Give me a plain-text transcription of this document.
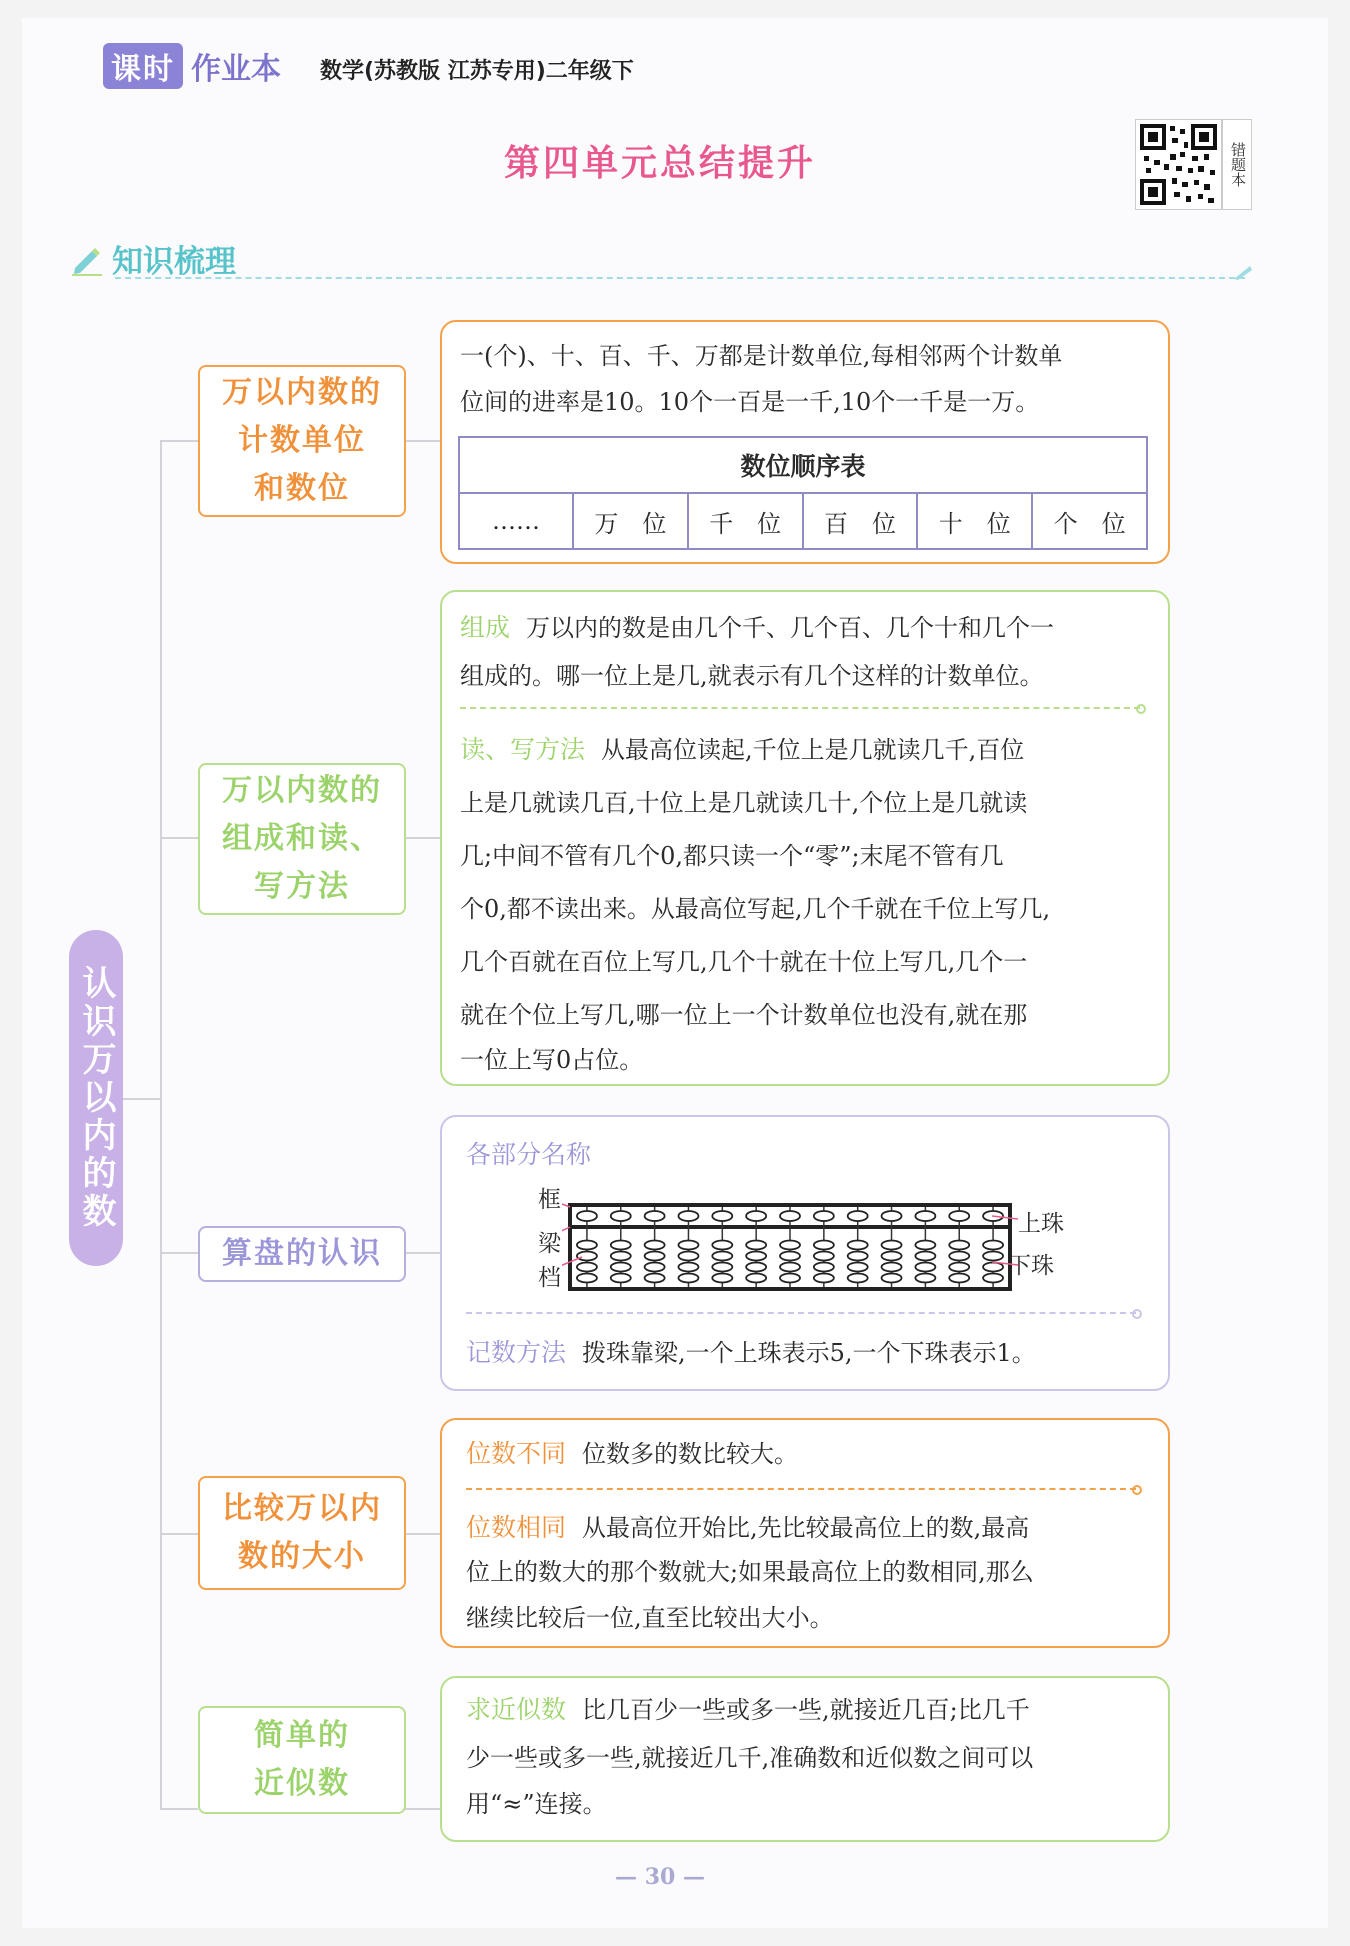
课时 作业本 数学(苏教版 江苏专用)二年级下
第四单元总结提升	错题本
知识梳理
认识万以内的数
万以内数的
计数单位
和数位
一(个)、十、百、千、万都是计数单位,每相邻两个计数单
位间的进率是10。10个一百是一千,10个一千是一万。
数位顺序表
……	万　位	千　位	百　位	十　位	个　位
万以内数的
组成和读、
写方法
组成 万以内的数是由几个千、几个百、几个十和几个一
组成的。哪一位上是几,就表示有几个这样的计数单位。
读、写方法 从最高位读起,千位上是几就读几千,百位
上是几就读几百,十位上是几就读几十,个位上是几就读
几;中间不管有几个0,都只读一个“零”;末尾不管有几
个0,都不读出来。从最高位写起,几个千就在千位上写几,
几个百就在百位上写几,几个十就在十位上写几,几个一
就在个位上写几,哪一位上一个计数单位也没有,就在那
一位上写0占位。
算盘的认识
各部分名称
框
梁
档
上珠
下珠
记数方法 拨珠靠梁,一个上珠表示5,一个下珠表示1。
比较万以内
数的大小
位数不同 位数多的数比较大。
位数相同 从最高位开始比,先比较最高位上的数,最高
位上的数大的那个数就大;如果最高位上的数相同,那么
继续比较后一位,直至比较出大小。
简单的
近似数
求近似数 比几百少一些或多一些,就接近几百;比几千
少一些或多一些,就接近几千,准确数和近似数之间可以
用“≈”连接。
— 30 —
